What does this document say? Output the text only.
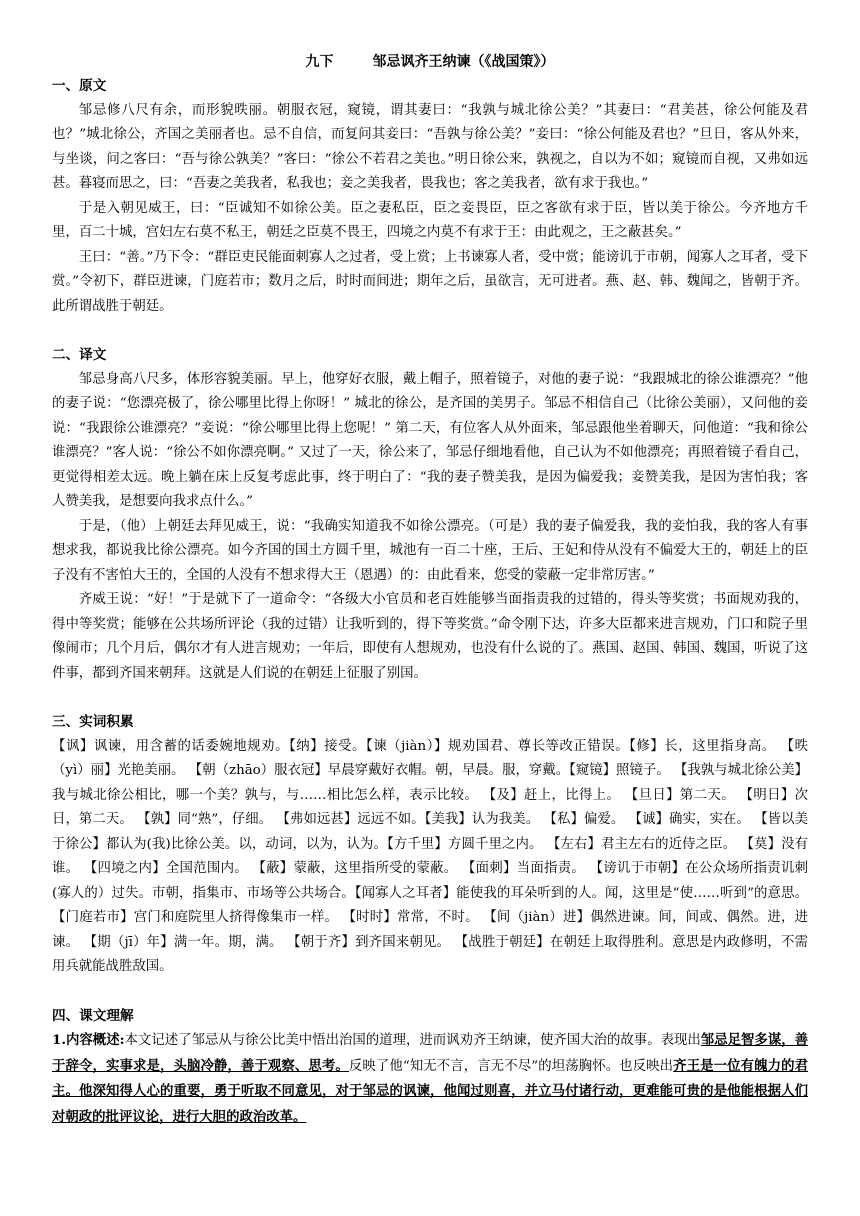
九下	邹忌讽齐王纳谏（《战国策》）
一、原文

邹忌修八尺有余，而形貌昳丽。朝服衣冠，窥镜，谓其妻曰：“我孰与城北徐公美？”其妻曰：“君美甚，徐公何能及君也？”城北徐公，齐国之美丽者也。忌不自信，而复问其妾曰：“吾孰与徐公美？”妾曰：“徐公何能及君也？”旦日，客从外来，与坐谈，问之客曰：“吾与徐公孰美？”客曰：“徐公不若君之美也。”明日徐公来，孰视之，自以为不如；窥镜而自视，又弗如远甚。暮寝而思之，曰：“吾妻之美我者，私我也；妾之美我者，畏我也；客之美我者，欲有求于我也。”

于是入朝见威王，曰：“臣诚知不如徐公美。臣之妻私臣，臣之妾畏臣，臣之客欲有求于臣，皆以美于徐公。今齐地方千里，百二十城，宫妇左右莫不私王，朝廷之臣莫不畏王，四境之内莫不有求于王：由此观之，王之蔽甚矣。”

王曰：“善。”乃下令：“群臣吏民能面刺寡人之过者，受上赏；上书谏寡人者，受中赏；能谤讥于市朝，闻寡人之耳者，受下赏。”令初下，群臣进谏，门庭若市；数月之后，时时而间进；期年之后，虽欲言，无可进者。燕、赵、韩、魏闻之，皆朝于齐。此所谓战胜于朝廷。

二、译文

邹忌身高八尺多，体形容貌美丽。早上，他穿好衣服，戴上帽子，照着镜子，对他的妻子说：“我跟城北的徐公谁漂亮？”他的妻子说：“您漂亮极了，徐公哪里比得上你呀！” 城北的徐公，是齐国的美男子。邹忌不相信自己（比徐公美丽），又问他的妾说：“我跟徐公谁漂亮？”妾说：“徐公哪里比得上您呢！” 第二天，有位客人从外面来，邹忌跟他坐着聊天，问他道：“我和徐公谁漂亮？”客人说：“徐公不如你漂亮啊。” 又过了一天，徐公来了，邹忌仔细地看他，自己认为不如他漂亮；再照着镜子看自己，更觉得相差太远。晚上躺在床上反复考虑此事，终于明白了：“我的妻子赞美我，是因为偏爱我；妾赞美我，是因为害怕我；客人赞美我，是想要向我求点什么。”

于是，（他）上朝廷去拜见威王，说：“我确实知道我不如徐公漂亮。（可是）我的妻子偏爱我，我的妾怕我，我的客人有事想求我，都说我比徐公漂亮。如今齐国的国土方圆千里，城池有一百二十座，王后、王妃和侍从没有不偏爱大王的，朝廷上的臣子没有不害怕大王的，全国的人没有不想求得大王（恩遇）的：由此看来，您受的蒙蔽一定非常厉害。”

齐威王说：“好！”于是就下了一道命令：“各级大小官员和老百姓能够当面指责我的过错的，得头等奖赏；书面规劝我的，得中等奖赏；能够在公共场所评论（我的过错）让我听到的，得下等奖赏。”命令刚下达，许多大臣都来进言规劝，门口和院子里像闹市；几个月后，偶尔才有人进言规劝；一年后，即使有人想规劝，也没有什么说的了。燕国、赵国、韩国、魏国，听说了这件事，都到齐国来朝拜。这就是人们说的在朝廷上征服了别国。

三、实词积累

【讽】讽谏，用含蓄的话委婉地规劝。【纳】接受。【谏（jiàn）】规劝国君、尊长等改正错误。【修】长，这里指身高。 【昳（yì）丽】光艳美丽。 【朝（zhāo）服衣冠】早晨穿戴好衣帽。朝，早晨。服，穿戴。【窥镜】照镜子。 【我孰与城北徐公美】我与城北徐公相比，哪一个美？孰与，与……相比怎么样，表示比较。 【及】赶上，比得上。 【旦日】第二天。 【明日】次日，第二天。 【孰】同“熟”，仔细。 【弗如远甚】远远不如。【美我】认为我美。 【私】偏爱。 【诚】确实，实在。 【皆以美于徐公】都认为(我)比徐公美。以，动词，以为，认为。【方千里】方圆千里之内。 【左右】君主左右的近侍之臣。 【莫】没有谁。 【四境之内】全国范围内。 【蔽】蒙蔽，这里指所受的蒙蔽。 【面刺】当面指责。 【谤讥于市朝】在公众场所指责讥刺(寡人的）过失。市朝，指集市、市场等公共场合。【闻寡人之耳者】能使我的耳朵听到的人。闻，这里是“使……听到”的意思。 【门庭若市】宫门和庭院里人挤得像集市一样。 【时时】常常，不时。 【间（jiàn）进】偶然进谏。间，间或、偶然。进，进谏。 【期（jī）年】满一年。期，满。 【朝于齐】到齐国来朝见。 【战胜于朝廷】在朝廷上取得胜利。意思是内政修明，不需用兵就能战胜敌国。

四、课文理解

1.内容概述:本文记述了邹忌从与徐公比美中悟出治国的道理，进而讽劝齐王纳谏，使齐国大治的故事。表现出邹忌足智多谋，善于辞令，实事求是，头脑冷静，善于观察、思考。反映了他“知无不言，言无不尽”的坦荡胸怀。也反映出齐王是一位有魄力的君主。他深知得人心的重要，勇于听取不同意见，对于邹忌的讽谏，他闻过则喜，并立马付诸行动，更难能可贵的是他能根据人们对朝政的批评议论，进行大胆的政治改革。
